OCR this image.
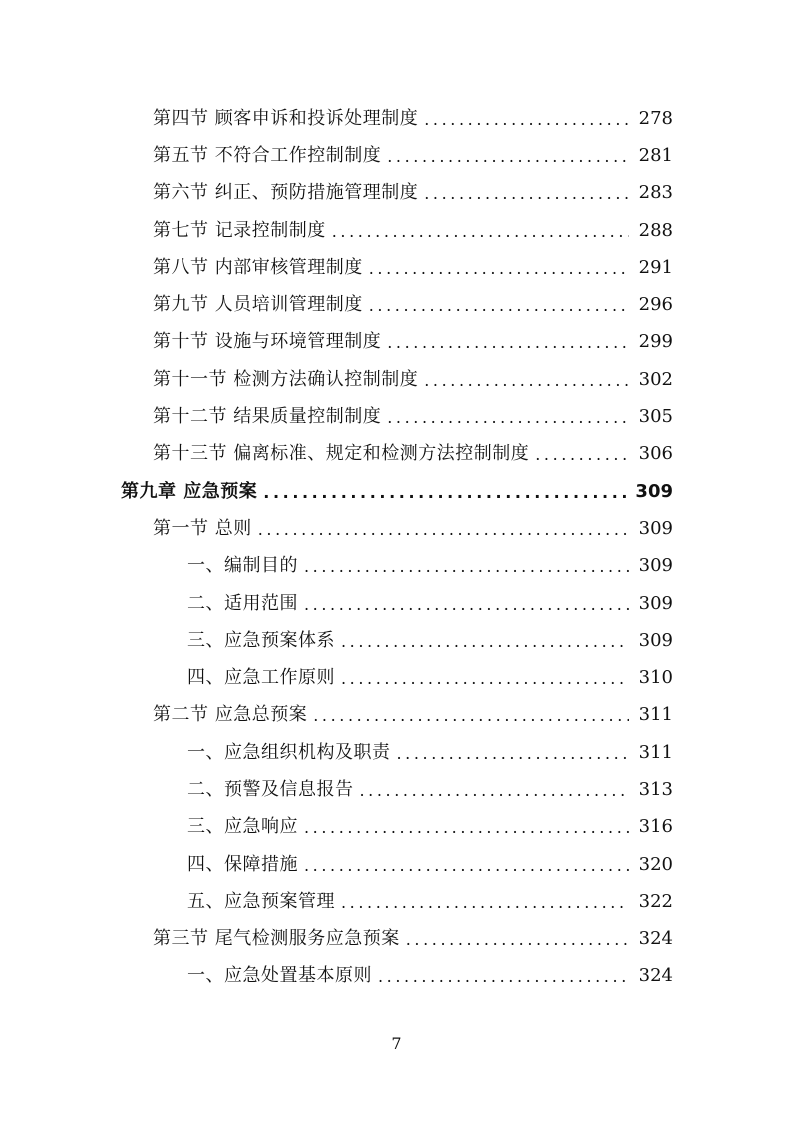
第四节 顾客申诉和投诉处理制度 .....	278
第五节 不符合工作控制制度 .....	281
第六节 纠正、预防措施管理制度 .....	283
第七节 记录控制制度 .....	288
第八节 内部审核管理制度 .....	291
第九节 人员培训管理制度 .....	296
第十节 设施与环境管理制度 .....	299
第十一节 检测方法确认控制制度 .....	302
第十二节 结果质量控制制度 .....	305
第十三节 偏离标准、规定和检测方法控制制度 .....	306
第九章 应急预案 .....	309
第一节 总则 .....	309
一、编制目的 .....	309
二、适用范围 .....	309
三、应急预案体系 .....	309
四、应急工作原则 .....	310
第二节 应急总预案 .....	311
一、应急组织机构及职责 .....	311
二、预警及信息报告 .....	313
三、应急响应 .....	316
四、保障措施 .....	320
五、应急预案管理 .....	322
第三节 尾气检测服务应急预案 .....	324
一、应急处置基本原则 .....	324
7
